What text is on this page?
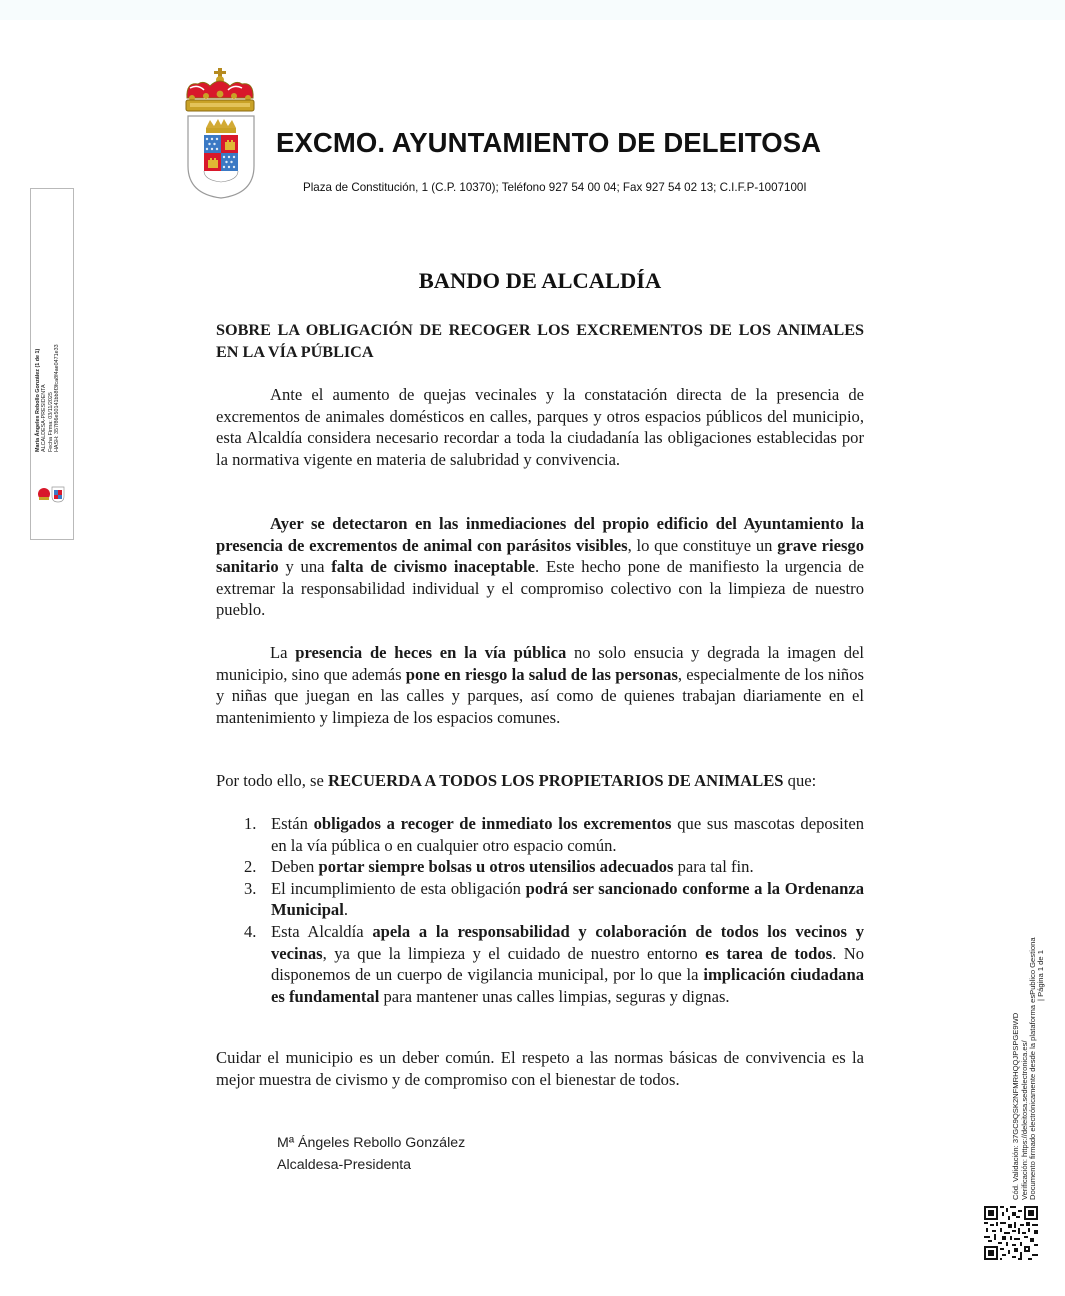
EXCMO. AYUNTAMIENTO DE DELEITOSA
Plaza de Constitución, 1 (C.P. 10370); Teléfono 927 54 00 04; Fax 927 54 02 13; C.I.F.P-1007100I
María Ángeles Rebollo González (1 de 1) ALCALDESA-PRESIDENTA Fecha Firma: 03/11/2025 HASH: 357f86e50141bb8f3fca8f4ae0471e33
Cód. Validación: 37GC9QSK2NFMRHQQJPSPGE9WD Verificación: https://deleitosa.sedelectronica.es/ Documento firmado electrónicamente desde la plataforma esPublico Gestiona
| Página 1 de 1
BANDO DE ALCALDÍA
SOBRE LA OBLIGACIÓN DE RECOGER LOS EXCREMENTOS DE LOS ANIMALES EN LA VÍA PÚBLICA
Ante el aumento de quejas vecinales y la constatación directa de la presencia de excrementos de animales domésticos en calles, parques y otros espacios públicos del municipio, esta Alcaldía considera necesario recordar a toda la ciudadanía las obligaciones establecidas por la normativa vigente en materia de salubridad y convivencia.
Ayer se detectaron en las inmediaciones del propio edificio del Ayuntamiento la presencia de excrementos de animal con parásitos visibles, lo que constituye un grave riesgo sanitario y una falta de civismo inaceptable. Este hecho pone de manifiesto la urgencia de extremar la responsabilidad individual y el compromiso colectivo con la limpieza de nuestro pueblo.
La presencia de heces en la vía pública no solo ensucia y degrada la imagen del municipio, sino que además pone en riesgo la salud de las personas, especialmente de los niños y niñas que juegan en las calles y parques, así como de quienes trabajan diariamente en el mantenimiento y limpieza de los espacios comunes.
Por todo ello, se RECUERDA A TODOS LOS PROPIETARIOS DE ANIMALES que:
1. Están obligados a recoger de inmediato los excrementos que sus mascotas depositen en la vía pública o en cualquier otro espacio común.
2. Deben portar siempre bolsas u otros utensilios adecuados para tal fin.
3. El incumplimiento de esta obligación podrá ser sancionado conforme a la Ordenanza Municipal.
4. Esta Alcaldía apela a la responsabilidad y colaboración de todos los vecinos y vecinas, ya que la limpieza y el cuidado de nuestro entorno es tarea de todos. No disponemos de un cuerpo de vigilancia municipal, por lo que la implicación ciudadana es fundamental para mantener unas calles limpias, seguras y dignas.
Cuidar el municipio es un deber común. El respeto a las normas básicas de convivencia es la mejor muestra de civismo y de compromiso con el bienestar de todos.
Mª Ángeles Rebollo González
Alcaldesa-Presidenta
